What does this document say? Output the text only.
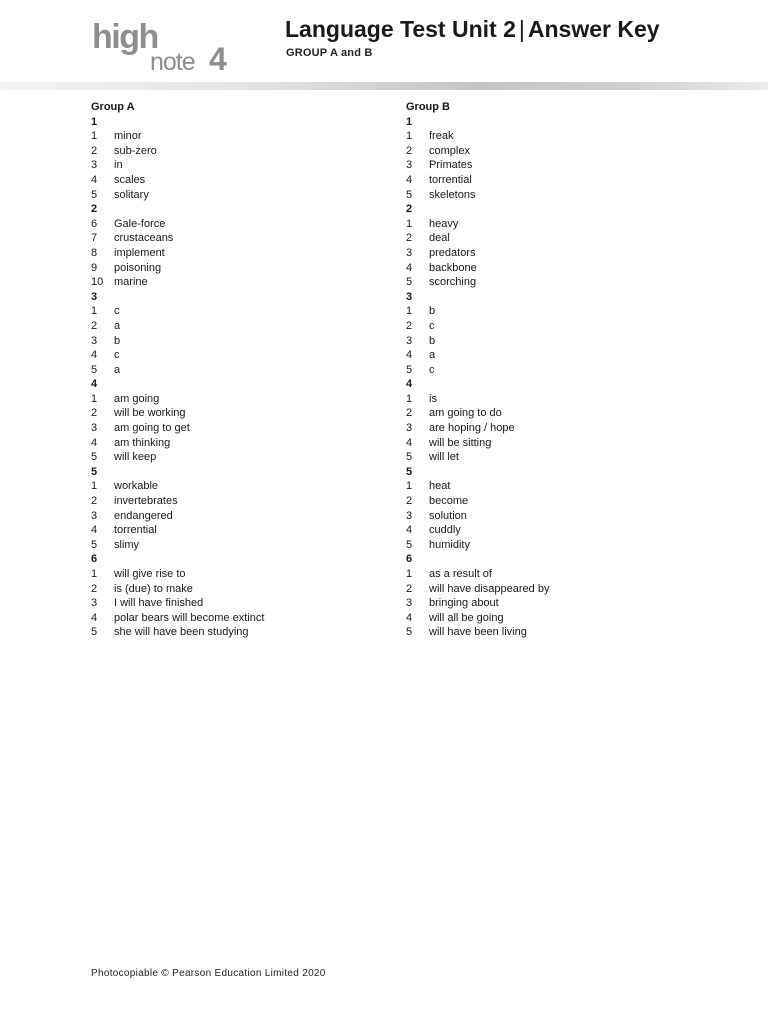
high
note 4
Language Test Unit 2 | Answer Key
GROUP A and B
Group A
1
1	minor
2	sub-zero
3	in
4	scales
5	solitary
2
6	Gale-force
7	crustaceans
8	implement
9	poisoning
10 marine
3
1	c
2	a
3	b
4	c
5	a
4
1	am going
2	will be working
3	am going to get
4	am thinking
5	will keep
5
1	workable
2	invertebrates
3	endangered
4	torrential
5	slimy
6
1	will give rise to
2	is (due) to make
3	I will have finished
4	polar bears will become extinct
5	she will have been studying
Group B
1
1	freak
2	complex
3	Primates
4	torrential
5	skeletons
2
1	heavy
2	deal
3	predators
4	backbone
5	scorching
3
1	b
2	c
3	b
4	a
5	c
4
1	is
2	am going to do
3	are hoping / hope
4	will be sitting
5	will let
5
1	heat
2	become
3	solution
4	cuddly
5	humidity
6
1	as a result of
2	will have disappeared by
3	bringing about
4	will all be going
5	will have been living
Photocopiable © Pearson Education Limited 2020
